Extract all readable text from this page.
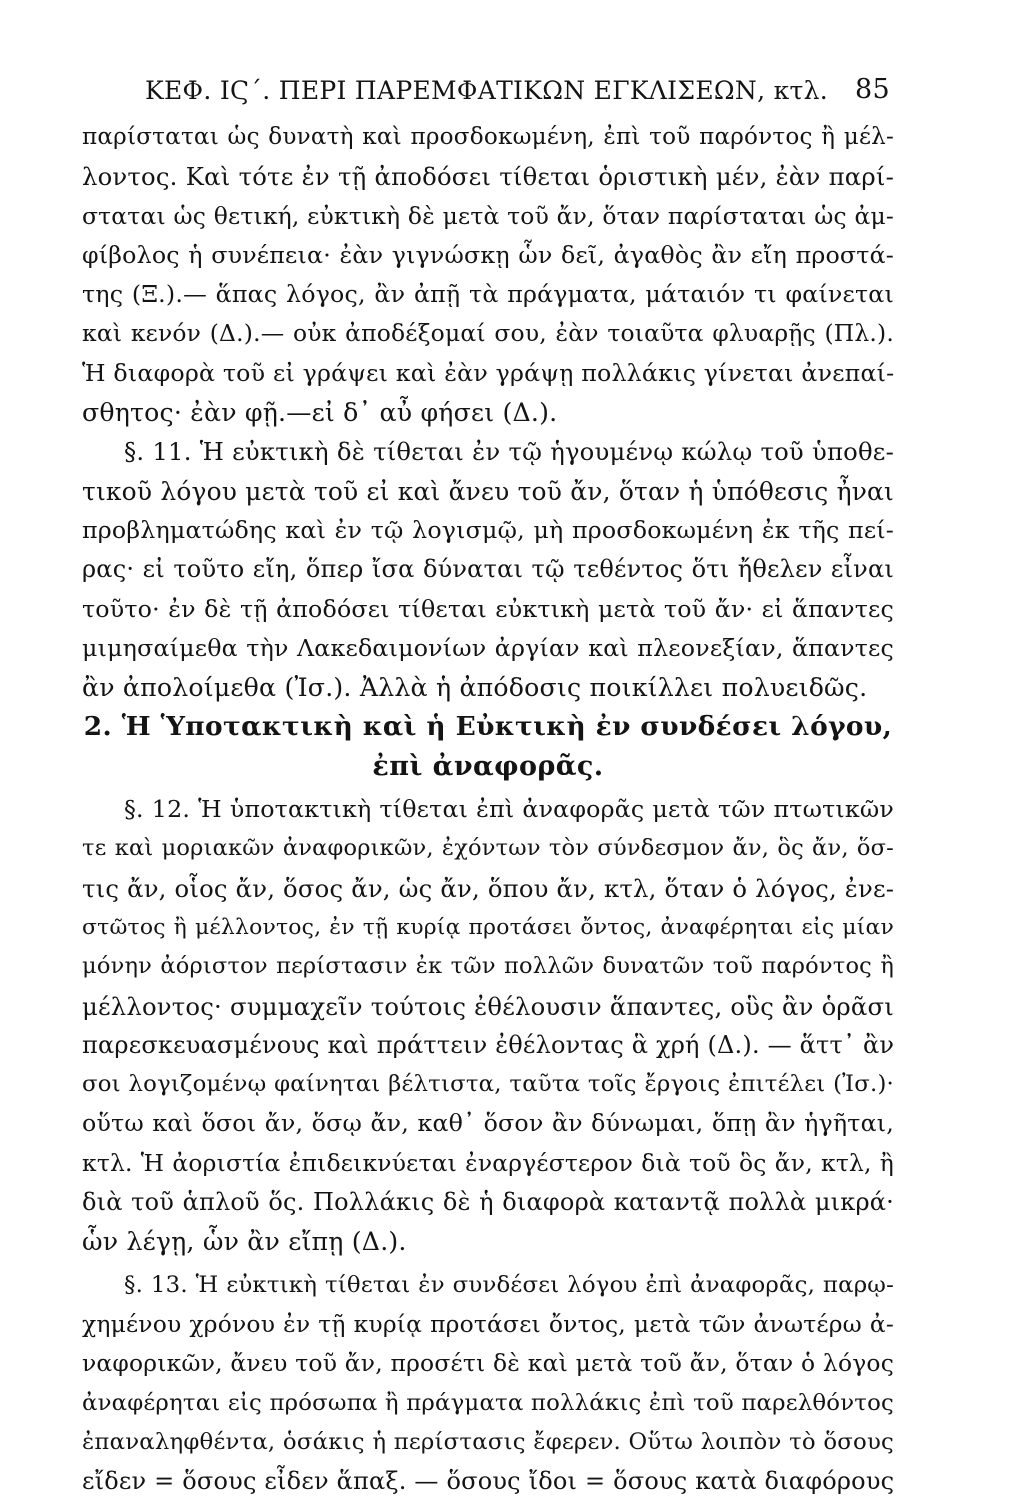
ΚΕΦ. ΙϚ΄. ΠΕΡΙ ΠΑΡΕΜΦΑΤΙΚΩΝ ΕΓΚΛΙΣΕΩΝ, κτλ. 85
παρίσταται ὡς δυνατὴ καὶ προσδοκωμένη, ἐπὶ τοῦ παρόντος ἢ μέλ-
λοντος. Καὶ τότε ἐν τῇ ἀποδόσει τίθεται ὁριστικὴ μέν, ἐὰν παρί-
σταται ὡς θετική, εὐκτικὴ δὲ μετὰ τοῦ ἄν, ὅταν παρίσταται ὡς ἀμ-
φίβολος ἡ συνέπεια· ἐὰν γιγνώσκῃ ὧν δεῖ, ἀγαθὸς ἂν εἴη προστά-
της (Ξ.).— ἅπας λόγος, ἂν ἀπῇ τὰ πράγματα, μάταιόν τι φαίνεται
καὶ κενόν (Δ.).— οὐκ ἀποδέξομαί σου, ἐὰν τοιαῦτα φλυαρῇς (Πλ.).
Ἡ διαφορὰ τοῦ εἰ γράψει καὶ ἐὰν γράψῃ πολλάκις γίνεται ἀνεπαί-
σθητος· ἐὰν φῇ.—εἰ δ᾽ αὖ φήσει (Δ.).
§. 11. Ἡ εὐκτικὴ δὲ τίθεται ἐν τῷ ἡγουμένῳ κώλῳ τοῦ ὑποθε-
τικοῦ λόγου μετὰ τοῦ εἰ καὶ ἄνευ τοῦ ἄν, ὅταν ἡ ὑπόθεσις ἦναι
προβληματώδης καὶ ἐν τῷ λογισμῷ, μὴ προσδοκωμένη ἐκ τῆς πεί-
ρας· εἰ τοῦτο εἴη, ὅπερ ἴσα δύναται τῷ τεθέντος ὅτι ἤθελεν εἶναι
τοῦτο· ἐν δὲ τῇ ἀποδόσει τίθεται εὐκτικὴ μετὰ τοῦ ἄν· εἰ ἅπαντες
μιμησαίμεθα τὴν Λακεδαιμονίων ἀργίαν καὶ πλεονεξίαν, ἅπαντες
ἂν ἀπολοίμεθα (Ἰσ.). Ἀλλὰ ἡ ἀπόδοσις ποικίλλει πολυειδῶς.
2. Ἡ Ὑποτακτικὴ καὶ ἡ Εὐκτικὴ ἐν συνδέσει λόγου,
ἐπὶ ἀναφορᾶς.
§. 12. Ἡ ὑποτακτικὴ τίθεται ἐπὶ ἀναφορᾶς μετὰ τῶν πτωτικῶν
τε καὶ μοριακῶν ἀναφορικῶν, ἐχόντων τὸν σύνδεσμον ἄν, ὃς ἄν, ὅσ-
τις ἄν, οἷος ἄν, ὅσος ἄν, ὡς ἄν, ὅπου ἄν, κτλ, ὅταν ὁ λόγος, ἐνε-
στῶτος ἢ μέλλοντος, ἐν τῇ κυρίᾳ προτάσει ὄντος, ἀναφέρηται εἰς μίαν
μόνην ἀόριστον περίστασιν ἐκ τῶν πολλῶν δυνατῶν τοῦ παρόντος ἢ
μέλλοντος· συμμαχεῖν τούτοις ἐθέλουσιν ἅπαντες, οὓς ἂν ὁρᾶσι
παρεσκευασμένους καὶ πράττειν ἐθέλοντας ἃ χρή (Δ.). — ἅττ᾽ ἂν
σοι λογιζομένῳ φαίνηται βέλτιστα, ταῦτα τοῖς ἔργοις ἐπιτέλει (Ἰσ.)·
οὕτω καὶ ὅσοι ἄν, ὅσῳ ἄν, καθ᾽ ὅσον ἂν δύνωμαι, ὅπῃ ἂν ἡγῆται,
κτλ. Ἡ ἀοριστία ἐπιδεικνύεται ἐναργέστερον διὰ τοῦ ὃς ἄν, κτλ, ἢ
διὰ τοῦ ἁπλοῦ ὅς. Πολλάκις δὲ ἡ διαφορὰ καταντᾷ πολλὰ μικρά·
ὧν λέγῃ, ὧν ἂν εἴπῃ (Δ.).
§. 13. Ἡ εὐκτικὴ τίθεται ἐν συνδέσει λόγου ἐπὶ ἀναφορᾶς, παρῳ-
χημένου χρόνου ἐν τῇ κυρίᾳ προτάσει ὄντος, μετὰ τῶν ἀνωτέρω ἀ-
ναφορικῶν, ἄνευ τοῦ ἄν, προσέτι δὲ καὶ μετὰ τοῦ ἄν, ὅταν ὁ λόγος
ἀναφέρηται εἰς πρόσωπα ἢ πράγματα πολλάκις ἐπὶ τοῦ παρελθόντος
ἐπαναληφθέντα, ὁσάκις ἡ περίστασις ἔφερεν. Οὕτω λοιπὸν τὸ ὅσους
εἴδεν = ὅσους εἶδεν ἅπαξ. — ὅσους ἴδοι = ὅσους κατὰ διαφόρους
